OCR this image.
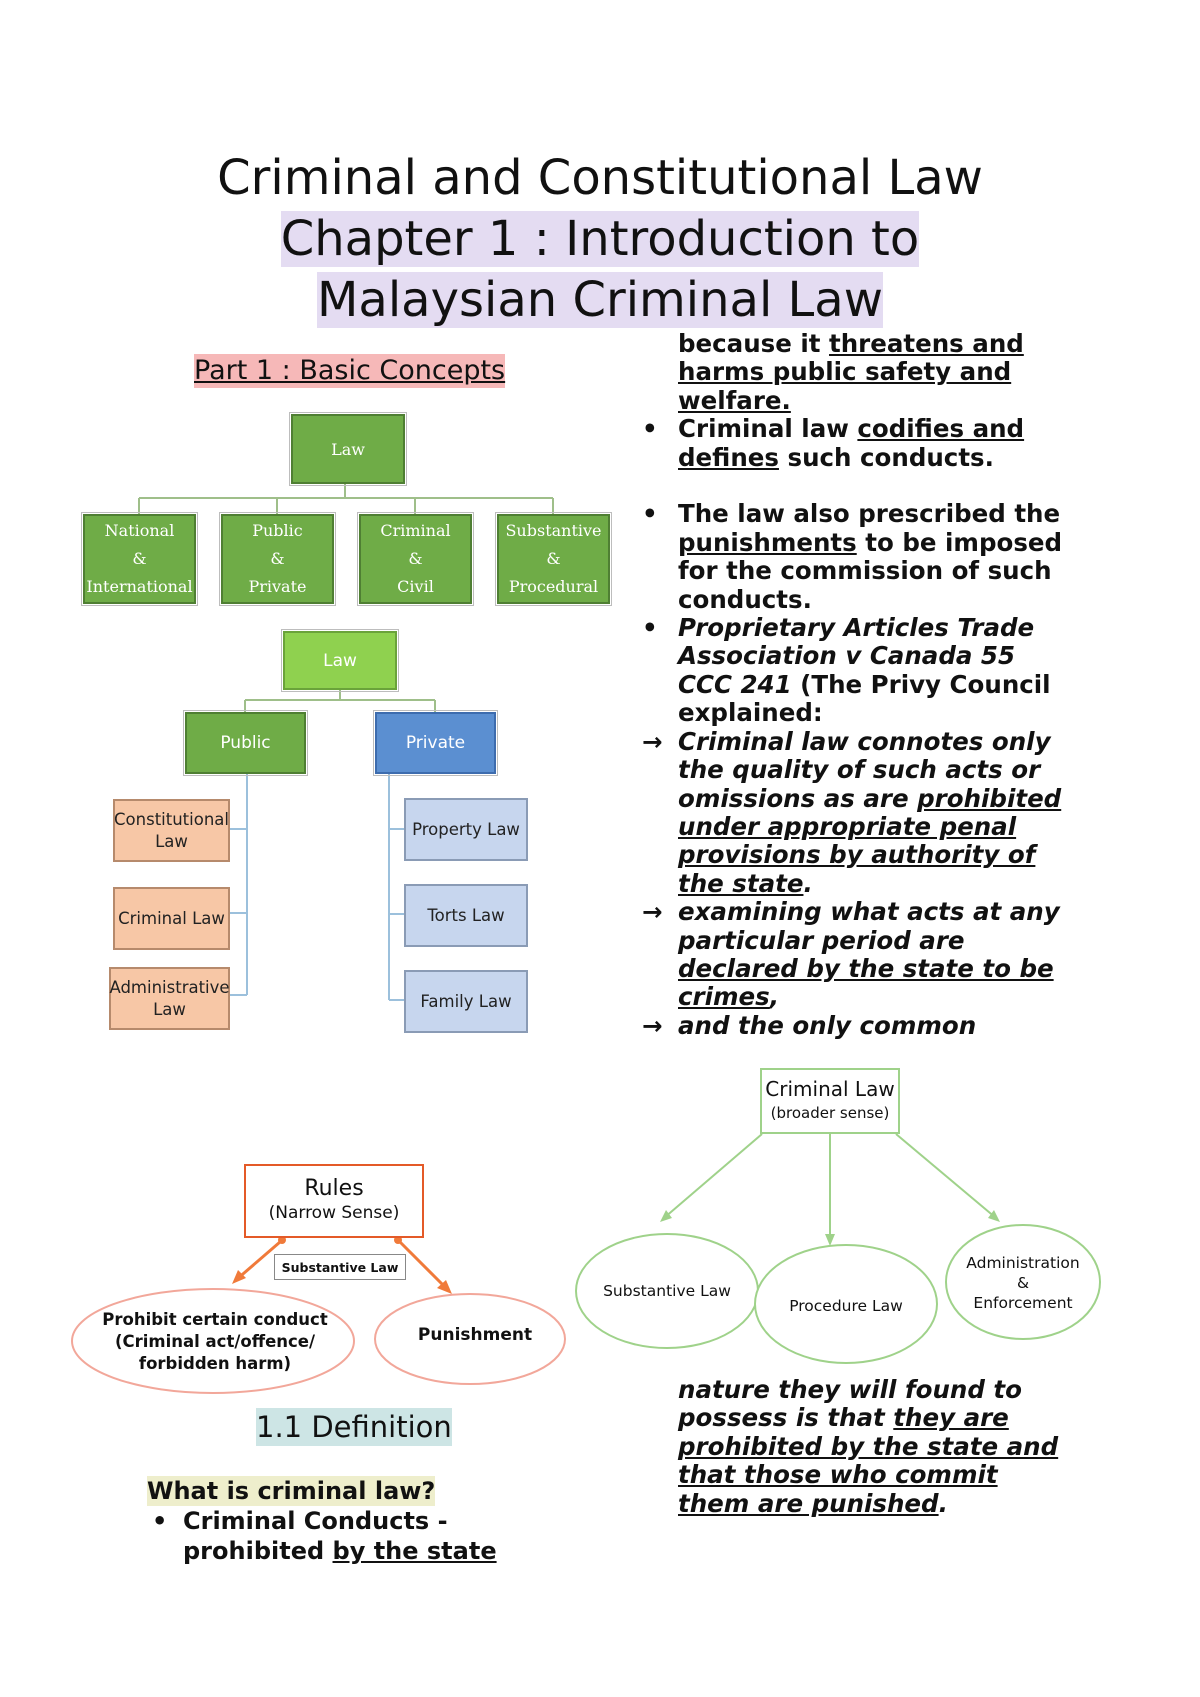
Criminal and Constitutional Law
Chapter 1 : Introduction to
Malaysian Criminal Law
Part 1 : Basic Concepts
Law
National
&
International
Public
&
Private
Criminal
&
Civil
Substantive
&
Procedural
Law
Public	Private
Constitutional
Law
Criminal Law
Administrative
Law
Property Law
Torts Law
Family Law
Rules
(Narrow Sense)
Substantive Law
Prohibit certain conduct
(Criminal act/offence/
forbidden harm)
Punishment
Criminal Law
(broader sense)
Substantive Law
Procedure Law
Administration
&
Enforcement
1.1 Definition
What is criminal law?
• Criminal Conducts -
prohibited by the state
because it threatens and
harms public safety and
welfare.
• Criminal law codifies and
defines such conducts.

• The law also prescribed the
punishments to be imposed
for the commission of such
conducts.
• Proprietary Articles Trade
Association v Canada 55
CCC 241 (The Privy Council
explained:
→ Criminal law connotes only
the quality of such acts or
omissions as are prohibited
under appropriate penal
provisions by authority of
the state.
→ examining what acts at any
particular period are
declared by the state to be
crimes,
→ and the only common
nature they will found to
possess is that they are
prohibited by the state and
that those who commit
them are punished.
